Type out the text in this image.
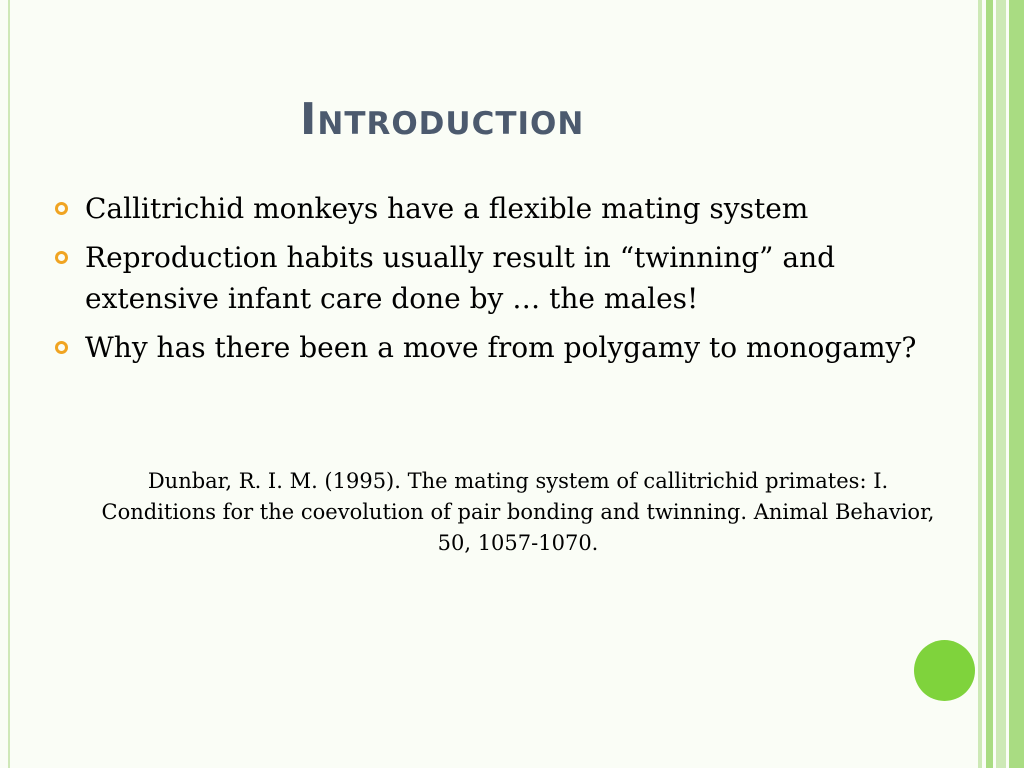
Introduction
Callitrichid monkeys have a flexible mating system
Reproduction habits usually result in “twinning” and extensive infant care done by … the males!
Why has there been a move from polygamy to monogamy?

Dunbar, R. I. M. (1995). The mating system of callitrichid primates: I. Conditions for the coevolution of pair bonding and twinning. Animal Behavior, 50, 1057-1070.
